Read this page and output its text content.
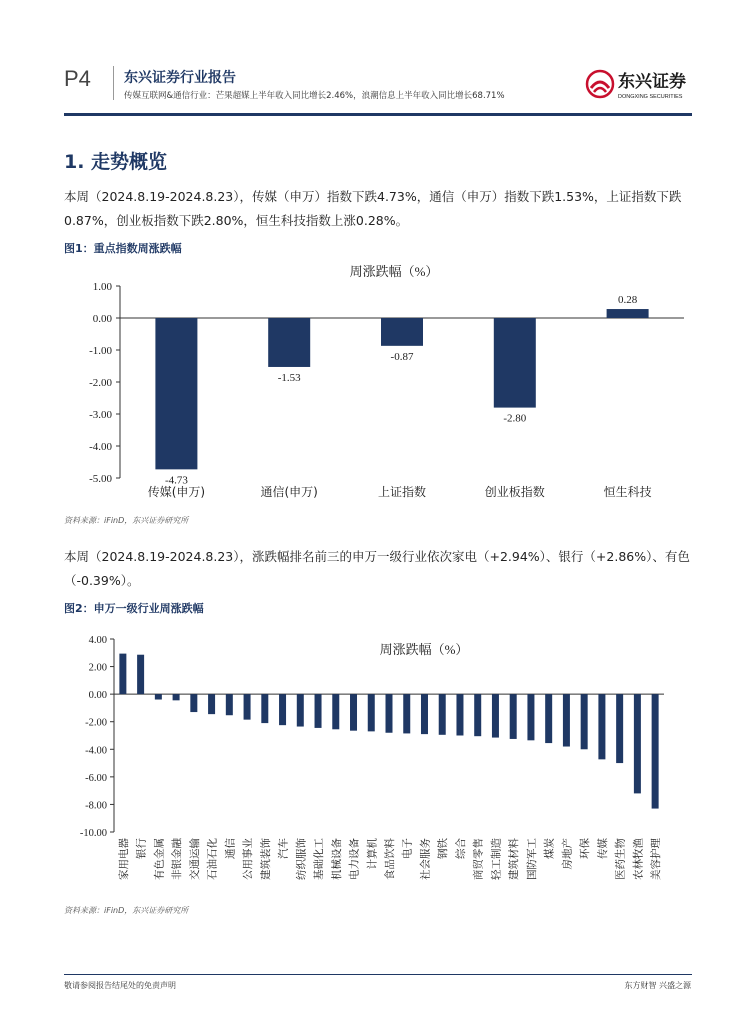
P4 东兴证券行业报告
传媒互联网&通信行业：芒果超媒上半年收入同比增长2.46%，浪潮信息上半年收入同比增长68.71%
东兴证券
DONGXING SECURITIES
1. 走势概览
本周（2024.8.19-2024.8.23），传媒（申万）指数下跌4.73%，通信（申万）指数下跌1.53%，上证指数下跌0.87%，创业板指数下跌2.80%，恒生科技指数上涨0.28%。
图1：重点指数周涨跌幅
周涨跌幅（%）
1.00
0.00
-1.00
-2.00
-3.00
-4.00
-5.00	-4.73
传媒(申万)
-1.53
通信(申万)
-0.87
上证指数
-2.80
创业板指数
0.28
恒生科技
资料来源：iFinD，东兴证券研究所
本周（2024.8.19-2024.8.23），涨跌幅排名前三的申万一级行业依次家电（+2.94%）、银行（+2.86%）、有色（-0.39%）。
图2：申万一级行业周涨跌幅
周涨跌幅（%）
4.00
2.00
0.00
-2.00
-4.00
-6.00
-8.00
-10.00
家用电器 银行 有色金属 非银金融 交通运输 石油石化 通信 公用事业 建筑装饰 汽车 纺织服饰 基础化工 机械设备 电力设备 计算机 食品饮料 电子 社会服务 钢铁 综合 商贸零售 轻工制造 建筑材料 国防军工 煤炭 房地产 环保 传媒 医药生物 农林牧渔 美容护理
资料来源：iFinD，东兴证券研究所
敬请参阅报告结尾处的免责声明	东方财智 兴盛之源
